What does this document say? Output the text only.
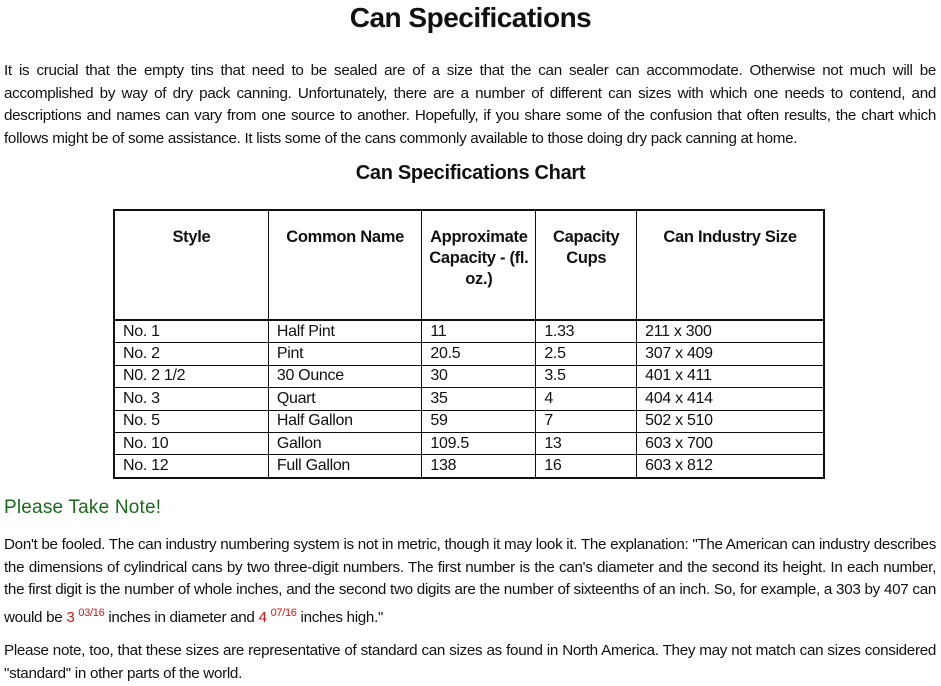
Can Specifications

It is crucial that the empty tins that need to be sealed are of a size that the can sealer can accommodate. Otherwise not much will be accomplished by way of dry pack canning. Unfortunately, there are a number of different can sizes with which one needs to contend, and descriptions and names can vary from one source to another. Hopefully, if you share some of the confusion that often results, the chart which follows might be of some assistance. It lists some of the cans commonly available to those doing dry pack canning at home.

Can Specifications Chart
Style	Common Name	Approximate Capacity - (fl. oz.)	Capacity Cups	Can Industry Size
No. 1	Half Pint	11	1.33	211 x 300
No. 2	Pint	20.5	2.5	307 x 409
N0. 2 1/2	30 Ounce	30	3.5	401 x 411
No. 3	Quart	35	4	404 x 414
No. 5	Half Gallon	59	7	502 x 510
No. 10	Gallon	109.5	13	603 x 700
No. 12	Full Gallon	138	16	603 x 812
Please Take Note!

Don't be fooled. The can industry numbering system is not in metric, though it may look it. The explanation: "The American can industry describes the dimensions of cylindrical cans by two three-digit numbers. The first number is the can's diameter and the second its height. In each number, the first digit is the number of whole inches, and the second two digits are the number of sixteenths of an inch. So, for example, a 303 by 407 can would be 3 $^{03/16}$ inches in diameter and 4 $^{07/16}$ inches high."

Please note, too, that these sizes are representative of standard can sizes as found in North America. They may not match can sizes considered "standard" in other parts of the world.
